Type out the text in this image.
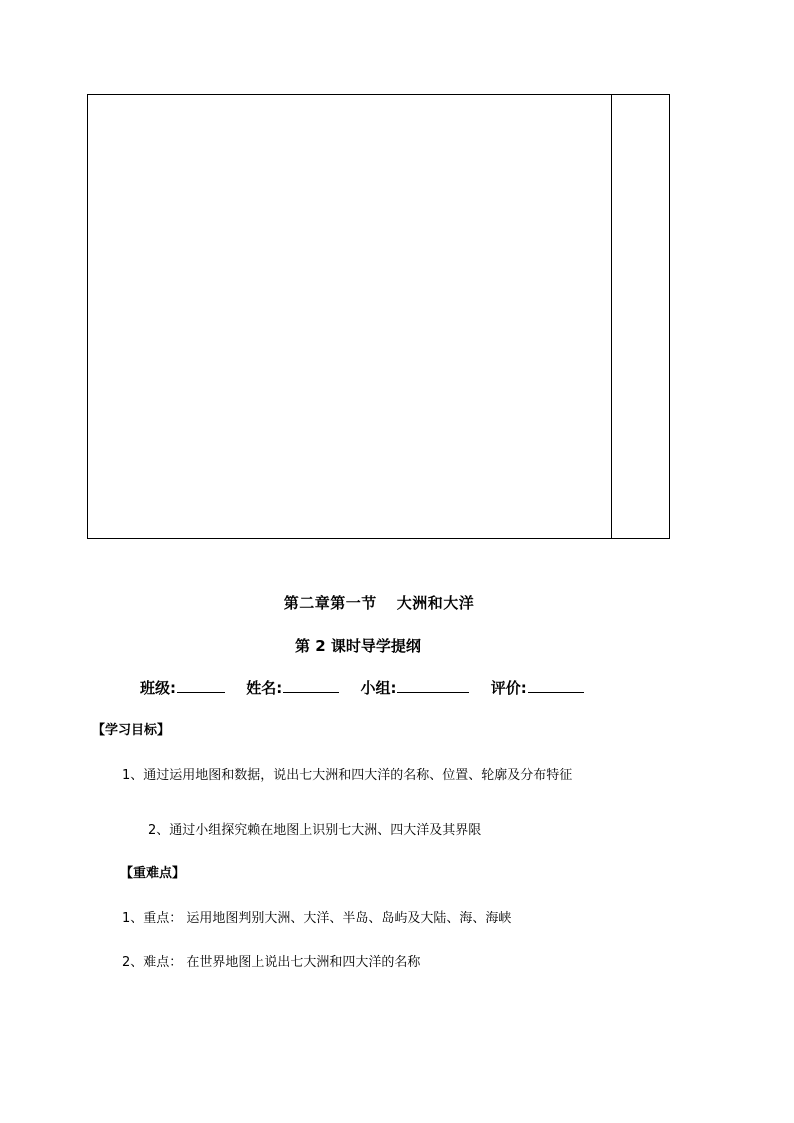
第二章第一节 大洲和大洋
第 2 课时导学提纲
班级:	姓名:	小组:	评价:
【学习目标】
1、通过运用地图和数据，说出七大洲和四大洋的名称、位置、轮廓及分布特征
2、通过小组探究赖在地图上识别七大洲、四大洋及其界限
【重难点】
1、重点： 运用地图判别大洲、大洋、半岛、岛屿及大陆、海、海峡
2、难点： 在世界地图上说出七大洲和四大洋的名称
